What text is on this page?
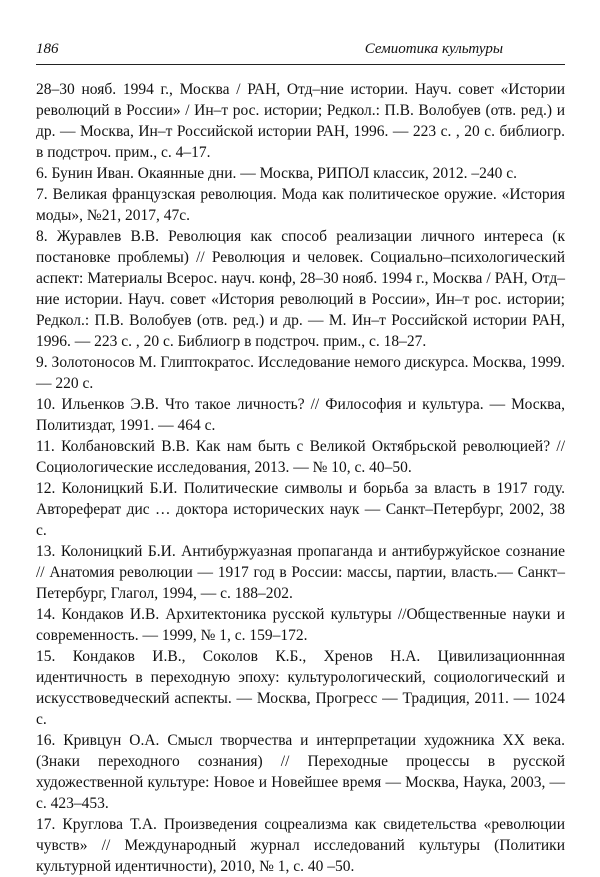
186	Семиотика культуры

28–30 нояб. 1994 г., Москва / РАН, Отд–ние истории. Науч. совет «Истории революций в России» / Ин–т рос. истории; Редкол.: П.В. Волобуев (отв. ред.) и др. — Москва, Ин–т Российской истории РАН, 1996. — 223 с. , 20 с. библиогр. в подстроч. прим., с. 4–17.

6. Бунин Иван. Окаянные дни. — Москва, РИПОЛ классик, 2012. –240 с.

7. Великая французская революция. Мода как политическое оружие. «История моды», №21, 2017, 47с.

8. Журавлев В.В. Революция как способ реализации личного интереса (к постановке проблемы) // Революция и человек. Социально–психологический аспект: Материалы Всерос. науч. конф, 28–30 нояб. 1994 г., Москва / РАН, Отд–ние истории. Науч. совет «История революций в России», Ин–т рос. истории; Редкол.: П.В. Волобуев (отв. ред.) и др. — М. Ин–т Российской истории РАН, 1996. — 223 с. , 20 с. Библиогр в подстроч. прим., с. 18–27.

9. Золотоносов М. Глиптократос. Исследование немого дискурса. Москва, 1999. — 220 с.

10. Ильенков Э.В. Что такое личность? // Философия и культура. — Москва, Политиздат, 1991. — 464 с.

11. Колбановский В.В. Как нам быть с Великой Октябрьской революцией? // Социологические исследования, 2013. — № 10, с. 40–50.

12. Колоницкий Б.И. Политические символы и борьба за власть в 1917 году. Автореферат дис … доктора исторических наук — Санкт–Петербург, 2002, 38 с.

13. Колоницкий Б.И. Антибуржуазная пропаганда и антибуржуйское сознание // Анатомия революции — 1917 год в России: массы, партии, власть.— Санкт–Петербург, Глагол, 1994, — с. 188–202.

14. Кондаков И.В. Архитектоника русской культуры //Общественные науки и современность. — 1999, № 1, с. 159–172.

15. Кондаков И.В., Соколов К.Б., Хренов Н.А. Цивилизационнная идентичность в переходную эпоху: культурологический, социологический и искусствоведческий аспекты. — Москва, Прогресс — Традиция, 2011. — 1024 с.

16. Кривцун О.А. Смысл творчества и интерпретации художника XX века. (Знаки переходного сознания) // Переходные процессы в русской художественной культуре: Новое и Новейшее время — Москва, Наука, 2003, — с. 423–453.

17. Круглова Т.А. Произведения соцреализма как свидетельства «революции чувств» // Международный журнал исследований культуры (Политики культурной идентичности), 2010, № 1, с. 40 –50.
